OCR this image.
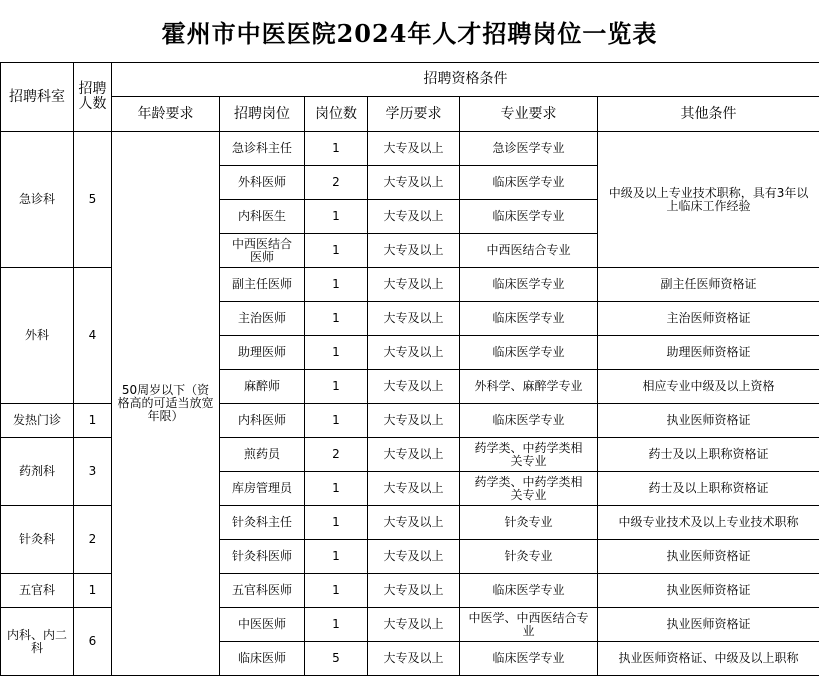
霍州市中医医院2024年人才招聘岗位一览表
招聘科室	招聘人数	招聘资格条件					
		年龄要求	招聘岗位	岗位数	学历要求	专业要求	其他条件
急诊科	5	50周岁以下（资格高的可适当放宽年限）	急诊科主任	1	大专及以上	急诊医学专业	中级及以上专业技术职称，具有3年以上临床工作经验
			外科医师	2	大专及以上	临床医学专业	
			内科医生	1	大专及以上	临床医学专业	
			中西医结合医师	1	大专及以上	中西医结合专业	
外科	4		副主任医师	1	大专及以上	临床医学专业	副主任医师资格证
			主治医师	1	大专及以上	临床医学专业	主治医师资格证
			助理医师	1	大专及以上	临床医学专业	助理医师资格证
			麻醉师	1	大专及以上	外科学、麻醉学专业	相应专业中级及以上资格
发热门诊	1		内科医师	1	大专及以上	临床医学专业	执业医师资格证
药剂科	3		煎药员	2	大专及以上	药学类、中药学类相关专业	药士及以上职称资格证
			库房管理员	1	大专及以上	药学类、中药学类相关专业	药士及以上职称资格证
针灸科	2		针灸科主任	1	大专及以上	针灸专业	中级专业技术及以上专业技术职称
			针灸科医师	1	大专及以上	针灸专业	执业医师资格证
五官科	1		五官科医师	1	大专及以上	临床医学专业	执业医师资格证
内科、内二科	6		中医医师	1	大专及以上	中医学、中西医结合专业	执业医师资格证
			临床医师	5	大专及以上	临床医学专业	执业医师资格证、中级及以上职称
